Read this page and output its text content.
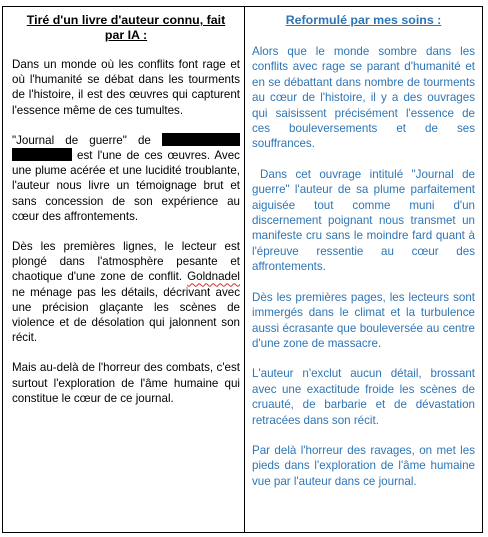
Tiré d'un livre d'auteur connu, fait
par IA :

Dans un monde où les conflits font rage et où l'humanité se débat dans les tourments de l'histoire, il est des œuvres qui capturent l'essence même de ces tumultes.

"Journal de guerre" de   est l'une de ces œuvres. Avec une plume acérée et une lucidité troublante, l'auteur nous livre un témoignage brut et sans concession de son expérience au cœur des affrontements.

Dès les premières lignes, le lecteur est plongé dans l'atmosphère pesante et chaotique d'une zone de conflit. Goldnadel ne ménage pas les détails, décrivant avec une précision glaçante les scènes de violence et de désolation qui jalonnent son récit.

Mais au-delà de l'horreur des combats, c'est surtout l'exploration de l'âme humaine qui constitue le cœur de ce journal.

Reformulé par mes soins :

Alors que le monde sombre dans les conflits avec rage se parant d'humanité et en se débattant dans nombre de tourments au cœur de l'histoire, il y a des ouvrages qui saisissent précisément l'essence de ces bouleversements et de ses souffrances.

Dans cet ouvrage intitulé "Journal de guerre" l'auteur de sa plume parfaitement aiguisée tout comme muni d'un discernement poignant nous transmet un manifeste cru sans le moindre fard quant à l'épreuve ressentie au cœur des affrontements.

Dès les premières pages, les lecteurs sont immergés dans le climat et la turbulence aussi écrasante que bouleversée au centre d'une zone de massacre.

L'auteur n'exclut aucun détail, brossant avec une exactitude froide les scènes de cruauté, de barbarie et de dévastation retracées dans son récit.

Par delà l'horreur des ravages, on met les pieds dans l'exploration de l'âme humaine vue par l'auteur dans ce journal.
